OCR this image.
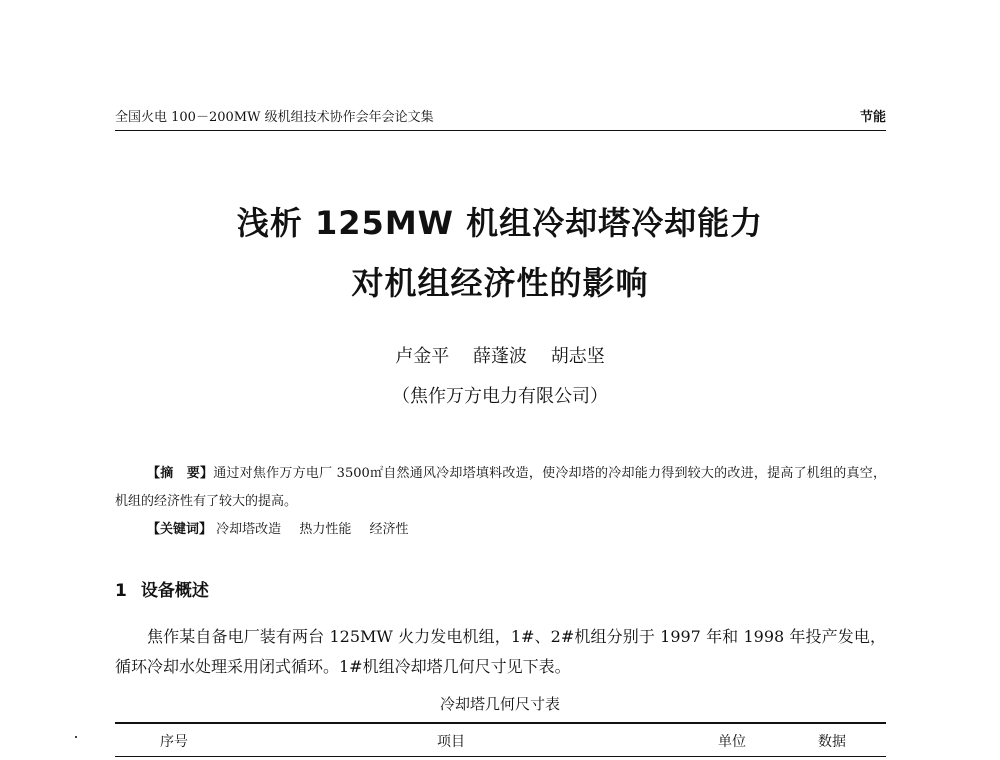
全国火电 100－200MW 级机组技术协作会年会论文集	节能
浅析 125MW 机组冷却塔冷却能力
对机组经济性的影响
卢金平 薛蓬波 胡志坚
（焦作万方电力有限公司）
【摘　要】通过对焦作万方电厂 3500㎡自然通风冷却塔填料改造，使冷却塔的冷却能力得到较大的改进，提高了机组的真空，机组的经济性有了较大的提高。
【关键词】 冷却塔改造 热力性能 经济性
1 设备概述
焦作某自备电厂装有两台 125MW 火力发电机组，1#、2#机组分别于 1997 年和 1998 年投产发电，循环冷却水处理采用闭式循环。1#机组冷却塔几何尺寸见下表。
冷却塔几何尺寸表
序号	项目	单位	数据
